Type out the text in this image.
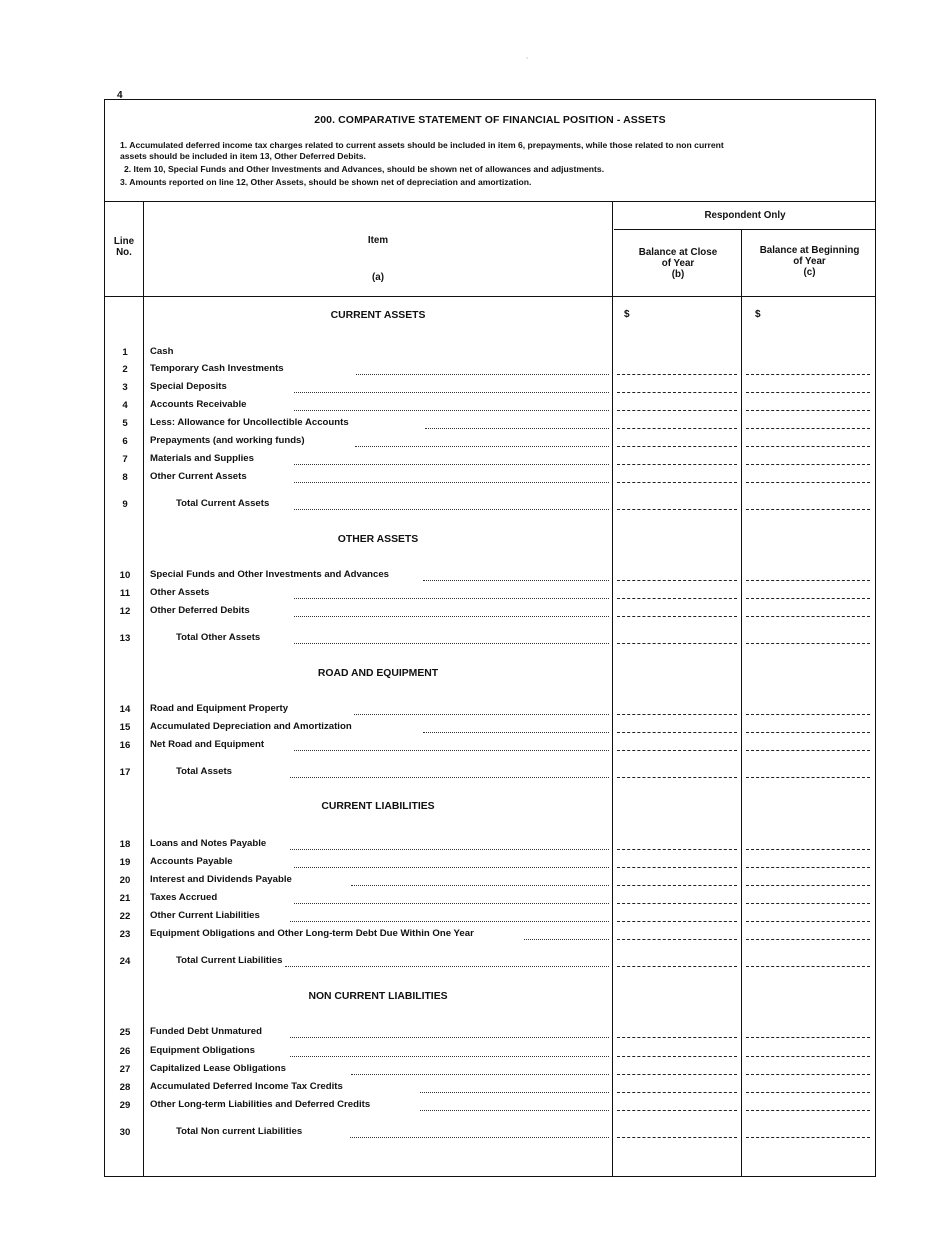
4
`
200. COMPARATIVE STATEMENT OF FINANCIAL POSITION - ASSETS
1. Accumulated deferred income tax charges related to current assets should be included in item 6, prepayments, while those related to non current
assets should be included in item 13, Other Deferred Debits.
2. Item 10, Special Funds and Other Investments and Advances, should be shown net of allowances and adjustments.
3. Amounts reported on line 12, Other Assets, should be shown net of depreciation and amortization.
Line
No.
Item
(a)
Respondent Only
Balance at Close
of Year
(b)
Balance at Beginning
of Year
(c)
CURRENT ASSETS
OTHER ASSETS
ROAD AND EQUIPMENT
CURRENT LIABILITIES
NON CURRENT LIABILITIES
$	$
1	Cash
2	Temporary Cash Investments
3	Special Deposits
4	Accounts Receivable
5	Less: Allowance for Uncollectible Accounts
6	Prepayments (and working funds)
7	Materials and Supplies
8	Other Current Assets
9	Total Current Assets
10	Special Funds and Other Investments and Advances
11	Other Assets
12	Other Deferred Debits
13	Total Other Assets
14	Road and Equipment Property
15	Accumulated Depreciation and Amortization
16	Net Road and Equipment
17	Total Assets
18	Loans and Notes Payable
19	Accounts Payable
20	Interest and Dividends Payable
21	Taxes Accrued
22	Other Current Liabilities
23	Equipment Obligations and Other Long-term Debt Due Within One Year
24	Total Current Liabilities
25	Funded Debt Unmatured
26	Equipment Obligations
27	Capitalized Lease Obligations
28	Accumulated Deferred Income Tax Credits
29	Other Long-term Liabilities and Deferred Credits
30	Total Non current Liabilities
